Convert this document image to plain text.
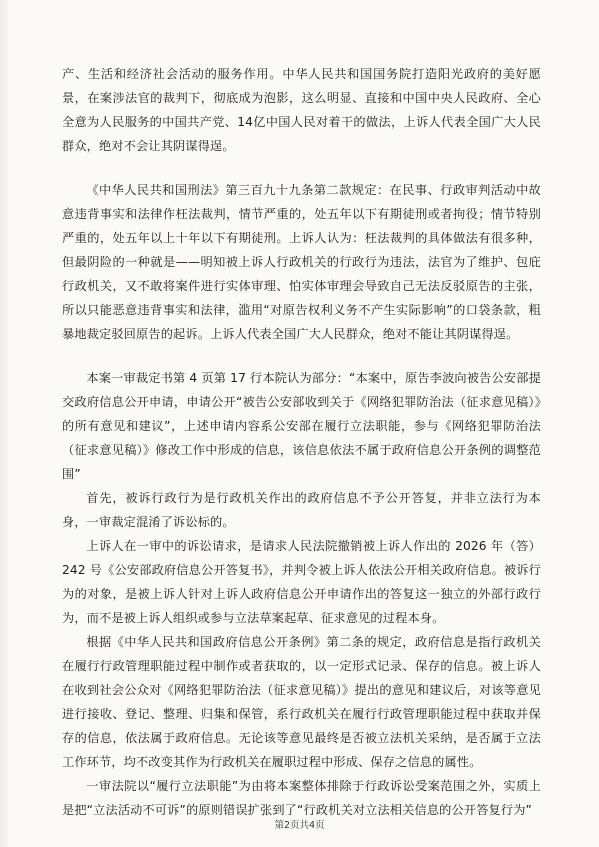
产、生活和经济社会活动的服务作用。中华人民共和国国务院打造阳光政府的美好愿景，在案涉法官的裁判下，彻底成为泡影，这么明显、直接和中国中央人民政府、全心全意为人民服务的中国共产党、14亿中国人民对着干的做法，上诉人代表全国广大人民群众，绝对不会让其阴谋得逞。

《中华人民共和国刑法》第三百九十九条第二款规定：在民事、行政审判活动中故意违背事实和法律作枉法裁判，情节严重的，处五年以下有期徒刑或者拘役；情节特别严重的，处五年以上十年以下有期徒刑。上诉人认为：枉法裁判的具体做法有很多种，但最阴险的一种就是——明知被上诉人行政机关的行政行为违法，法官为了维护、包庇行政机关，又不敢将案件进行实体审理、怕实体审理会导致自己无法反驳原告的主张，所以只能恶意违背事实和法律，滥用“对原告权利义务不产生实际影响”的口袋条款，粗暴地裁定驳回原告的起诉。上诉人代表全国广大人民群众，绝对不能让其阴谋得逞。

本案一审裁定书第 4 页第 17 行本院认为部分：“本案中，原告李波向被告公安部提交政府信息公开申请，申请公开“被告公安部收到关于《网络犯罪防治法（征求意见稿）》的所有意见和建议”，上述申请内容系公安部在履行立法职能，参与《网络犯罪防治法（征求意见稿）》修改工作中形成的信息，该信息依法不属于政府信息公开条例的调整范围”

首先，被诉行政行为是行政机关作出的政府信息不予公开答复，并非立法行为本身，一审裁定混淆了诉讼标的。

上诉人在一审中的诉讼请求，是请求人民法院撤销被上诉人作出的 2026 年（答）242 号《公安部政府信息公开答复书》，并判令被上诉人依法公开相关政府信息。被诉行为的对象，是被上诉人针对上诉人政府信息公开申请作出的答复这一独立的外部行政行为，而不是被上诉人组织或参与立法草案起草、征求意见的过程本身。

根据《中华人民共和国政府信息公开条例》第二条的规定，政府信息是指行政机关在履行行政管理职能过程中制作或者获取的，以一定形式记录、保存的信息。被上诉人在收到社会公众对《网络犯罪防治法（征求意见稿）》提出的意见和建议后，对该等意见进行接收、登记、整理、归集和保管，系行政机关在履行行政管理职能过程中获取并保存的信息，依法属于政府信息。无论该等意见最终是否被立法机关采纳，是否属于立法工作环节，均不改变其作为行政机关在履职过程中形成、保存之信息的属性。

一审法院以“履行立法职能”为由将本案整体排除于行政诉讼受案范围之外，实质上是把“立法活动不可诉”的原则错误扩张到了“行政机关对立法相关信息的公开答复行为”

第2页共4页
